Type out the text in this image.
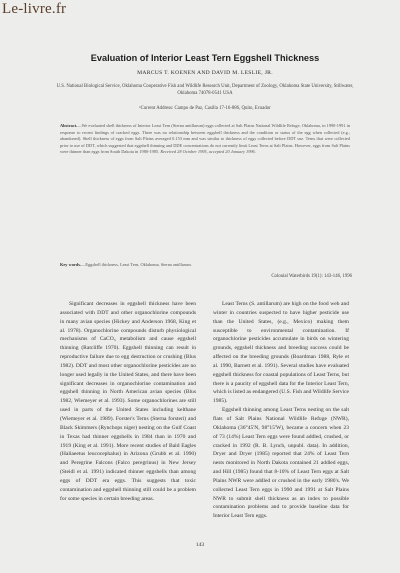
Le-livre.fr
Evaluation of Interior Least Tern Eggshell Thickness
MARCUS T. KOENEN AND DAVID M. LESLIE, JR.
U.S. National Biological Service, Oklahoma Cooperative Fish and Wildlife Research Unit, Department of Zoology, Oklahoma State University, Stillwater, Oklahoma 74078-0541 USA
¹Current Address: Campo de Paz, Casilla 17-16-886, Quito, Ecuador
Abstract.—We evaluated shell thickness of Interior Least Tern (Sterna antillarum) eggs collected at Salt Plains National Wildlife Refuge, Oklahoma, in 1990-1991 in response to recent findings of cracked eggs. There was no relationship between eggshell thickness and the condition or status of the egg when collected (e.g., abandoned). Shell thickness of eggs from Salt Plains averaged 0.153 mm and was similar to thickness of eggs collected before DDT use. Terns that were collected prior to use of DDT, which suggested that eggshell thinning and DDE concentrations do not currently limit Least Terns at Salt Plains. However, eggs from Salt Plains were thinner than eggs from South Dakota in 1980-1985. Received 28 October 1995, accepted 20 January 1996.
Key words.—Eggshell thickness, Least Tern, Oklahoma, Sterna antillarum.
Colonial Waterbirds 19(1): 143-146, 1996

Significant decreases in eggshell thickness have been associated with DDT and other organochlorine compounds in many avian species (Hickey and Anderson 1968, King et al. 1978). Organochlorine compounds disturb physiological mechanisms of CaCO₃ metabolism and cause eggshell thinning (Ratcliffe 1970). Eggshell thinning can result in reproductive failure due to egg destruction or crushing (Blus 1982). DDT and most other organochlorine pesticides are no longer used legally in the United States, and there have been significant decreases in organochlorine contamination and eggshell thinning in North American avian species (Blus 1982, Wiemeyer et al. 1993). Some organochlorines are still used in parts of the United States including kelthane (Wiemeyer et al. 1989). Forster's Terns (Sterna forsteri) and Black Skimmers (Rynchops niger) nesting on the Gulf Coast in Texas had thinner eggshells in 1984 than in 1970 and 1919 (King et al. 1991). More recent studies of Bald Eagles (Haliaeetus leucocephalus) in Arizona (Grubb et al. 1990) and Peregrine Falcons (Falco peregrinus) in New Jersey (Steidl et al. 1991) indicated thinner eggshells than among eggs of DDT era eggs. This suggests that toxic contamination and eggshell thinning still could be a problem for some species in certain breeding areas.

Least Terns (S. antillarum) are high on the food web and winter in countries suspected to have higher pesticide use than the United States, (e.g., Mexico) making them susceptible to environmental contamination. If organochlorine pesticides accumulate in birds on wintering grounds, eggshell thickness and breeding success could be affected on the breeding grounds (Boardman 1988, Ryle et al. 1990, Barnett et al. 1991). Several studies have evaluated eggshell thickness for coastal populations of Least Terns, but there is a paucity of eggshell data for the Interior Least Tern, which is listed as endangered (U.S. Fish and Wildlife Service 1985).

Eggshell thinning among Least Terns nesting on the salt flats of Salt Plains National Wildlife Refuge (NWR), Oklahoma (36°45'N, 98°15'W), became a concern when 23 of 73 (14%) Least Tern eggs were found addled, crushed, or cracked in 1992 (R. B. Lynch, unpubl. data). In addition, Dryer and Dryer (1985) reported that 24% of Least Tern nests monitored in North Dakota contained 21 addled eggs, and Hill (1985) found that 8-10% of Least Tern eggs at Salt Plains NWR were addled or crushed in the early 1980's. We collected Least Tern eggs in 1990 and 1991 at Salt Plains NWR to submit shell thickness as an index to possible contamination problems and to provide baseline data for Interior Least Tern eggs.

143
